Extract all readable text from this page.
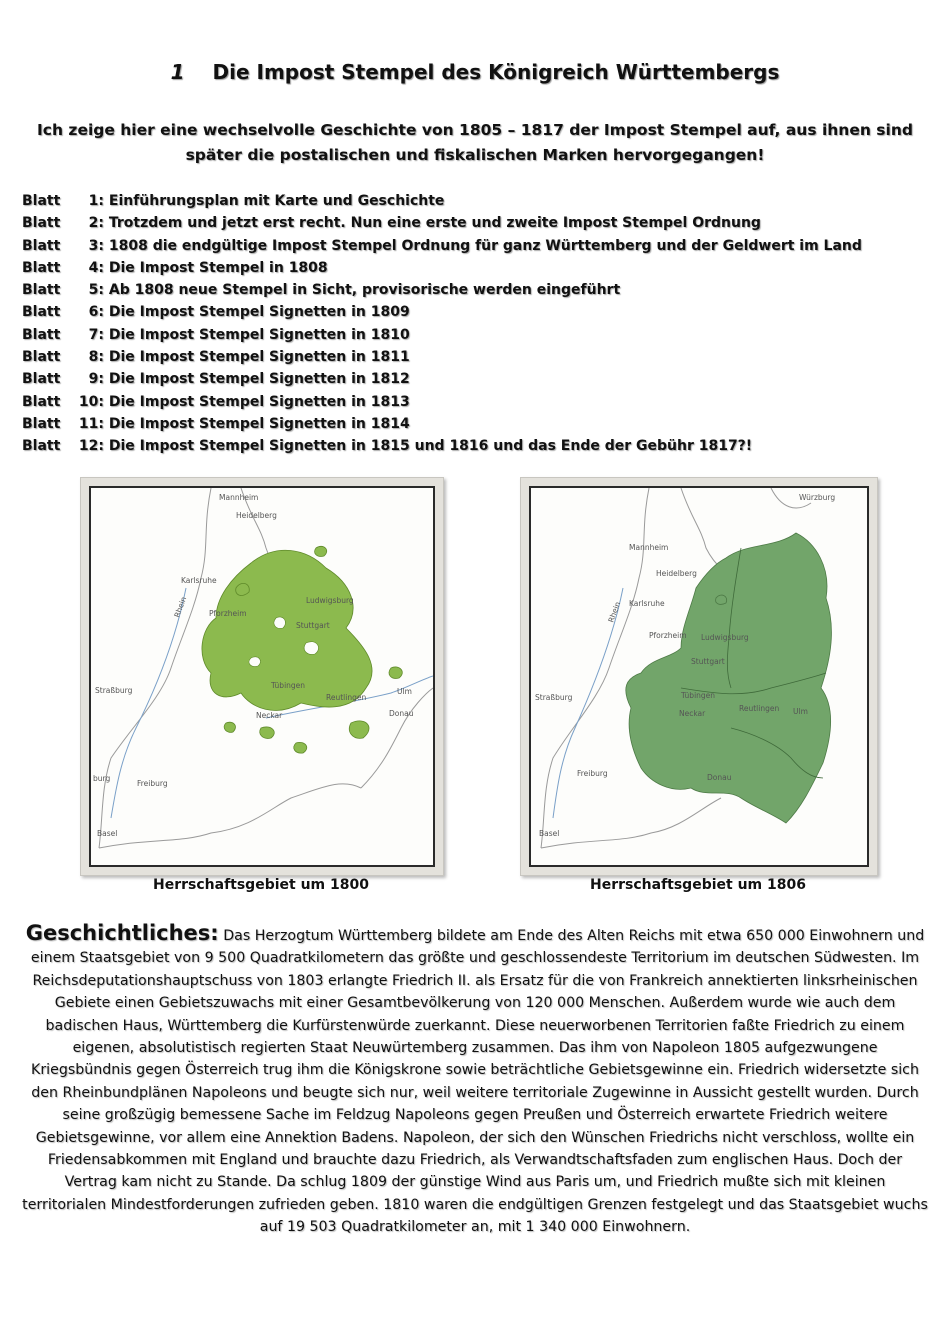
1 Die Impost Stempel des Königreich Württembergs
Ich zeige hier eine wechselvolle Geschichte von 1805 – 1817 der Impost Stempel auf, aus ihnen sind später die postalischen und fiskalischen Marken hervorgegangen!
Blatt 1: Einführungsplan mit Karte und Geschichte
Blatt 2: Trotzdem und jetzt erst recht. Nun eine erste und zweite Impost Stempel Ordnung
Blatt 3: 1808 die endgültige Impost Stempel Ordnung für ganz Württemberg und der Geldwert im Land
Blatt 4: Die Impost Stempel in 1808
Blatt 5: Ab 1808 neue Stempel in Sicht, provisorische werden eingeführt
Blatt 6: Die Impost Stempel Signetten in 1809
Blatt 7: Die Impost Stempel Signetten in 1810
Blatt 8: Die Impost Stempel Signetten in 1811
Blatt 9: Die Impost Stempel Signetten in 1812
Blatt 10: Die Impost Stempel Signetten in 1813
Blatt 11: Die Impost Stempel Signetten in 1814
Blatt 12: Die Impost Stempel Signetten in 1815 und 1816 und das Ende der Gebühr 1817?!
Mannheim
Heidelberg
Karlsruhe
Pforzheim
Ludwigsburg
Stuttgart
Straßburg
Tübingen
Reutlingen
Ulm
Freiburg
Basel
Rhein
Neckar	Donau
burg
Würzburg
Mannheim
Heidelberg
Karlsruhe
Pforzheim Ludwigsburg
Stuttgart
Straßburg	Tübingen
Reutlingen Ulm
Freiburg
Basel
Rhein
Neckar
Donau
Herrschaftsgebiet um 1800	Herrschaftsgebiet um 1806
Geschichtliches: Das Herzogtum Württemberg bildete am Ende des Alten Reichs mit etwa 650 000 Einwohnern und einem Staatsgebiet von 9 500 Quadratkilometern das größte und geschlossendeste Territorium im deutschen Südwesten. Im Reichsdeputationshauptschuss von 1803 erlangte Friedrich II. als Ersatz für die von Frankreich annektierten linksrheinischen Gebiete einen Gebietszuwachs mit einer Gesamtbevölkerung von 120 000 Menschen. Außerdem wurde wie auch dem badischen Haus, Württemberg die Kurfürstenwürde zuerkannt. Diese neuerworbenen Territorien faßte Friedrich zu einem eigenen, absolutistisch regierten Staat Neuwürtemberg zusammen. Das ihm von Napoleon 1805 aufgezwungene Kriegsbündnis gegen Österreich trug ihm die Königskrone sowie beträchtliche Gebietsgewinne ein. Friedrich widersetzte sich den Rheinbundplänen Napoleons und beugte sich nur, weil weitere territoriale Zugewinne in Aussicht gestellt wurden. Durch seine großzügig bemessene Sache im Feldzug Napoleons gegen Preußen und Österreich erwartete Friedrich weitere Gebietsgewinne, vor allem eine Annektion Badens. Napoleon, der sich den Wünschen Friedrichs nicht verschloss, wollte ein Friedensabkommen mit England und brauchte dazu Friedrich, als Verwandtschaftsfaden zum englischen Haus. Doch der Vertrag kam nicht zu Stande. Da schlug 1809 der günstige Wind aus Paris um, und Friedrich mußte sich mit kleinen territorialen Mindestforderungen zufrieden geben. 1810 waren die endgültigen Grenzen festgelegt und das Staatsgebiet wuchs auf 19 503 Quadratkilometer an, mit 1 340 000 Einwohnern.
